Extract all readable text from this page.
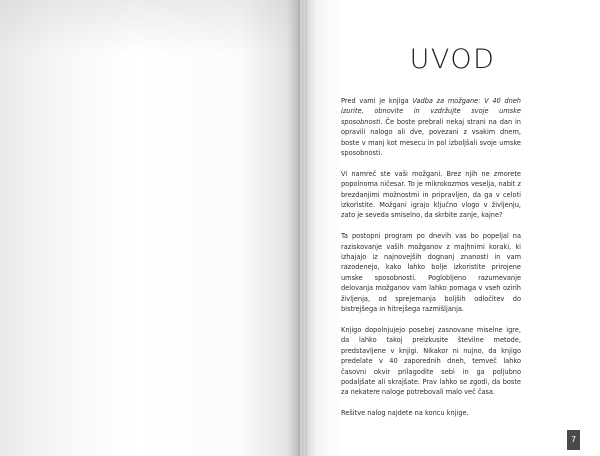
UVOD

Pred vami je knjiga Vadba za možgane: V 40 dneh izurite, obnovite in vzdržujte svoje umske sposobnosti. Če boste prebrali nekaj strani na dan in opravili nalogo ali dve, povezani z vsakim dnem, boste v manj kot mesecu in pol izboljšali svoje umske sposobnosti.

Vi namreč ste vaši možgani. Brez njih ne zmorete popolnoma ničesar. To je mikrokozmos veselja, nabit z brezdanjimi možnostmi in pripravljen, da ga v celoti izkoristite. Možgani igrajo ključno vlogo v življenju, zato je seveda smiselno, da skrbite zanje, kajne?

Ta postopni program po dnevih vas bo popeljal na raziskovanje vaših možganov z majhnimi koraki, ki izhajajo iz najnovejših dognanj znanosti in vam razodenejo, kako lahko bolje izkoristite prirojene umske sposobnosti. Poglobljeno razumevanje delovanja možganov vam lahko pomaga v vseh ozirih življenja, od sprejemanja boljših odločitev do bistrejšega in hitrejšega razmišljanja.

Knjigo dopolnjujejo posebej zasnovane miselne igre, da lahko takoj preizkusite številne metode, predstavljene v knjigi. Nikakor ni nujno, da knjigo predelate v 40 zaporednih dneh, temveč lahko časovni okvir prilagodite sebi in ga poljubno podaljšate ali skrajšate. Prav lahko se zgodi, da boste za nekatere naloge potrebovali malo več časa.

Rešitve nalog najdete na koncu knjige.

7
